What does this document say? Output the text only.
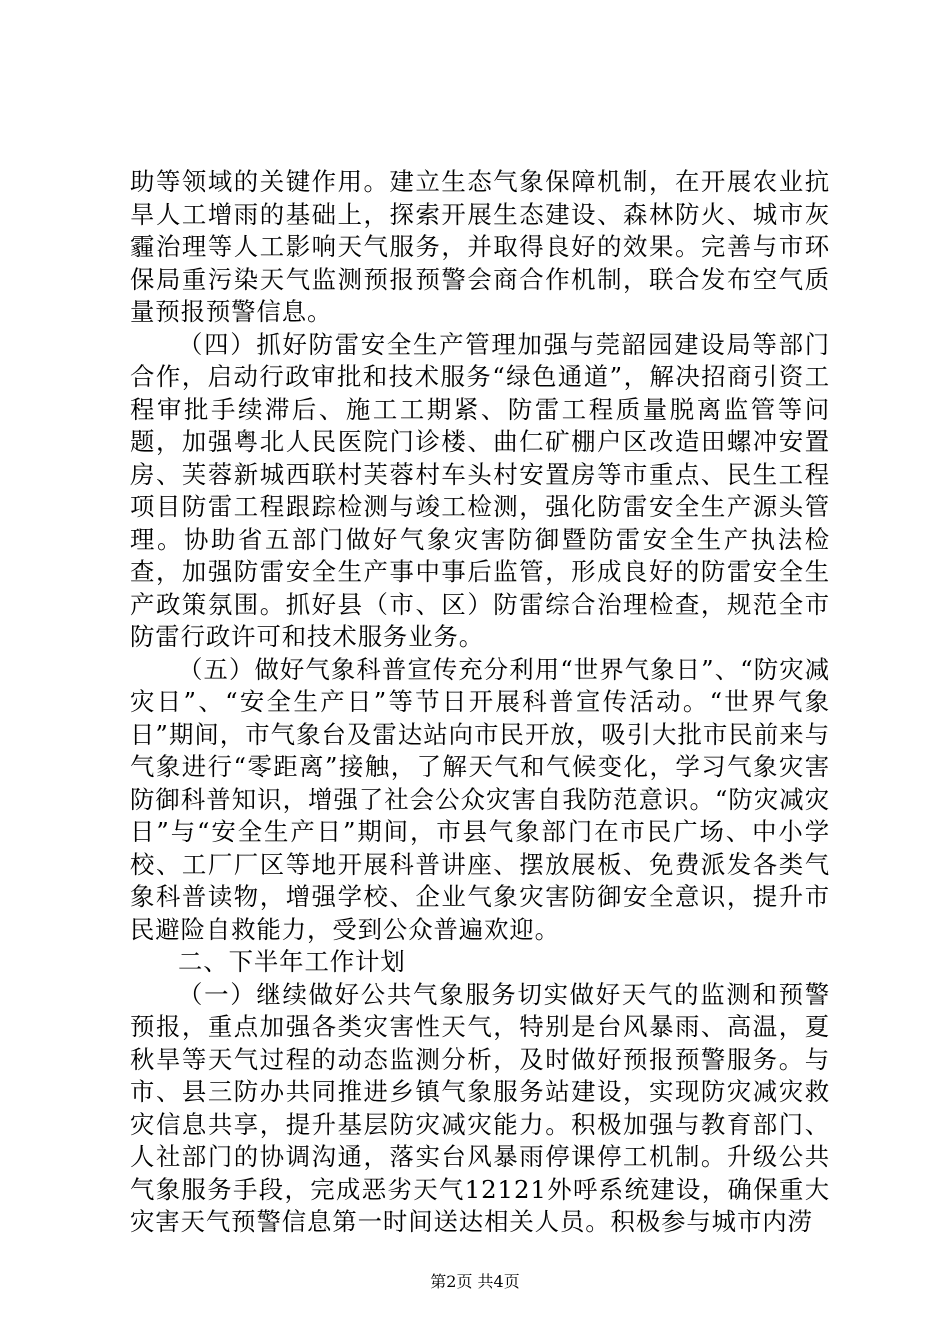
助等领域的关键作用。建立生态气象保障机制，在开展农业抗旱人工增雨的基础上，探索开展生态建设、森林防火、城市灰霾治理等人工影响天气服务，并取得良好的效果。完善与市环保局重污染天气监测预报预警会商合作机制，联合发布空气质量预报预警信息。

（四）抓好防雷安全生产管理加强与莞韶园建设局等部门合作，启动行政审批和技术服务“绿色通道”，解决招商引资工程审批手续滞后、施工工期紧、防雷工程质量脱离监管等问题，加强粤北人民医院门诊楼、曲仁矿棚户区改造田螺冲安置房、芙蓉新城西联村芙蓉村车头村安置房等市重点、民生工程项目防雷工程跟踪检测与竣工检测，强化防雷安全生产源头管理。协助省五部门做好气象灾害防御暨防雷安全生产执法检查，加强防雷安全生产事中事后监管，形成良好的防雷安全生产政策氛围。抓好县（市、区）防雷综合治理检查，规范全市防雷行政许可和技术服务业务。

（五）做好气象科普宣传充分利用“世界气象日”、“防灾减灾日”、“安全生产日”等节日开展科普宣传活动。“世界气象日”期间，市气象台及雷达站向市民开放，吸引大批市民前来与气象进行“零距离”接触，了解天气和气候变化，学习气象灾害防御科普知识，增强了社会公众灾害自我防范意识。“防灾减灾日”与“安全生产日”期间，市县气象部门在市民广场、中小学校、工厂厂区等地开展科普讲座、摆放展板、免费派发各类气象科普读物，增强学校、企业气象灾害防御安全意识，提升市民避险自救能力，受到公众普遍欢迎。

二、下半年工作计划

（一）继续做好公共气象服务切实做好天气的监测和预警预报，重点加强各类灾害性天气，特别是台风暴雨、高温，夏秋旱等天气过程的动态监测分析，及时做好预报预警服务。与市、县三防办共同推进乡镇气象服务站建设，实现防灾减灾救灾信息共享，提升基层防灾减灾能力。积极加强与教育部门、人社部门的协调沟通，落实台风暴雨停课停工机制。升级公共气象服务手段，完成恶劣天气12121外呼系统建设，确保重大灾害天气预警信息第一时间送达相关人员。积极参与城市内涝

第2页 共4页
